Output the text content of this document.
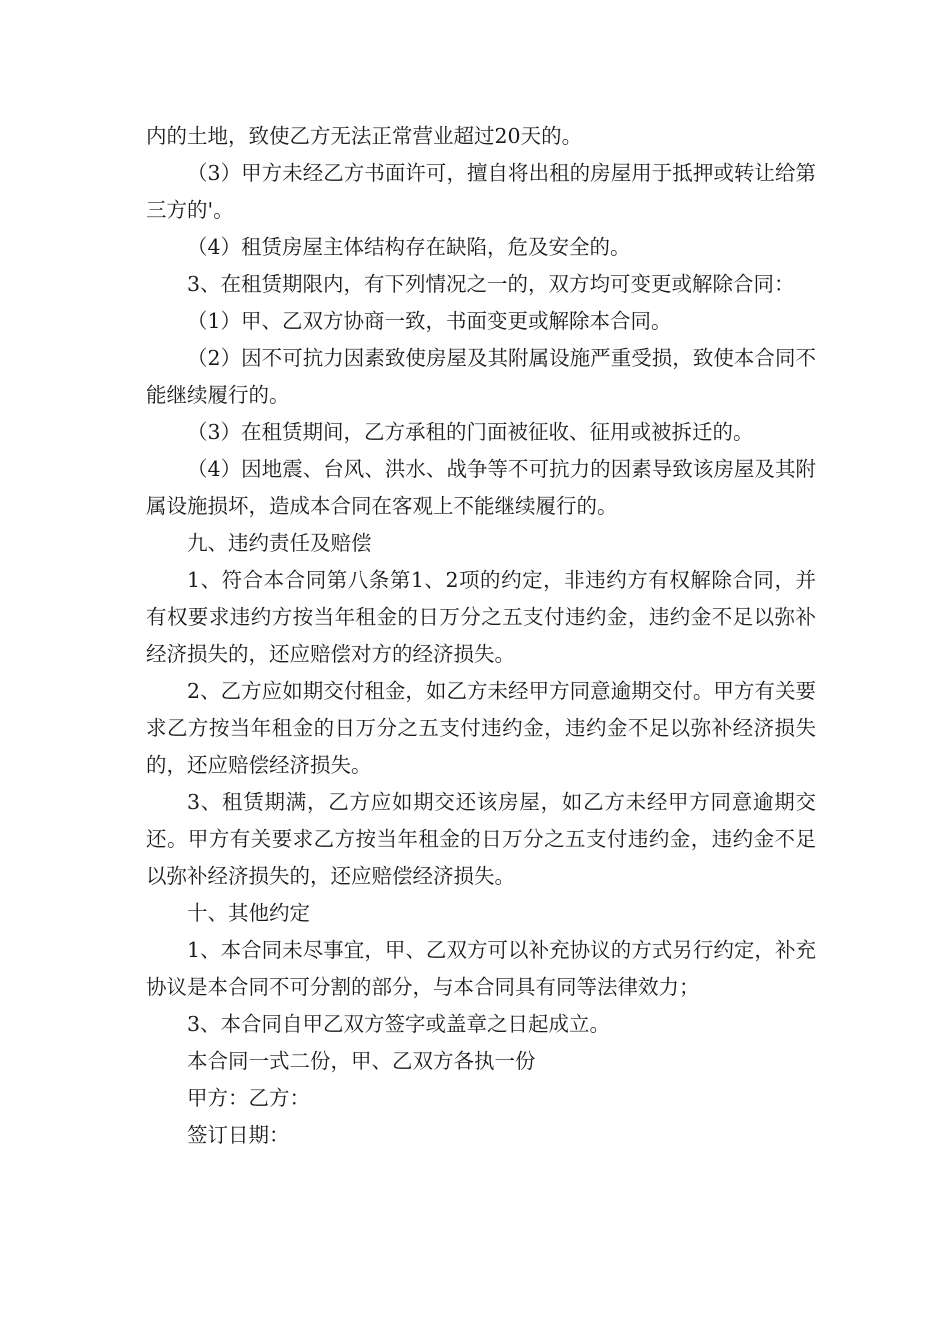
内的土地，致使乙方无法正常营业超过20天的。

（3）甲方未经乙方书面许可，擅自将出租的房屋用于抵押或转让给第三方的'。

（4）租赁房屋主体结构存在缺陷，危及安全的。

3、在租赁期限内，有下列情况之一的，双方均可变更或解除合同：

（1）甲、乙双方协商一致，书面变更或解除本合同。

（2）因不可抗力因素致使房屋及其附属设施严重受损，致使本合同不能继续履行的。

（3）在租赁期间，乙方承租的门面被征收、征用或被拆迁的。

（4）因地震、台风、洪水、战争等不可抗力的因素导致该房屋及其附属设施损坏，造成本合同在客观上不能继续履行的。

九、违约责任及赔偿

1、符合本合同第八条第1、2项的约定，非违约方有权解除合同，并有权要求违约方按当年租金的日万分之五支付违约金，违约金不足以弥补经济损失的，还应赔偿对方的经济损失。

2、乙方应如期交付租金，如乙方未经甲方同意逾期交付。甲方有关要求乙方按当年租金的日万分之五支付违约金，违约金不足以弥补经济损失的，还应赔偿经济损失。

3、租赁期满，乙方应如期交还该房屋，如乙方未经甲方同意逾期交还。甲方有关要求乙方按当年租金的日万分之五支付违约金，违约金不足以弥补经济损失的，还应赔偿经济损失。

十、其他约定

1、本合同未尽事宜，甲、乙双方可以补充协议的方式另行约定，补充协议是本合同不可分割的部分，与本合同具有同等法律效力；

3、本合同自甲乙双方签字或盖章之日起成立。

本合同一式二份，甲、乙双方各执一份

甲方：乙方：

签订日期：
